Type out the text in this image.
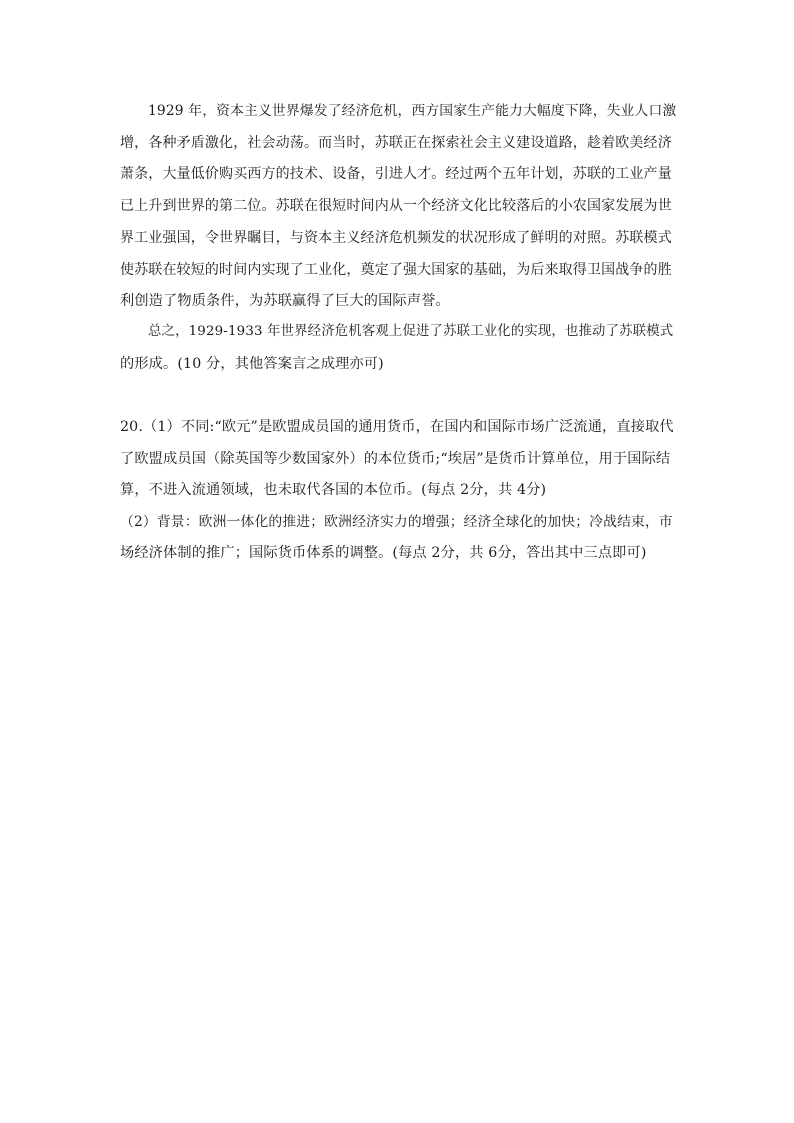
1929 年，资本主义世界爆发了经济危机，西方国家生产能力大幅度下降，失业人口激
增，各种矛盾激化，社会动荡。而当时，苏联正在探索社会主义建设道路，趁着欧美经济
萧条，大量低价购买西方的技术、设备，引进人才。经过两个五年计划，苏联的工业产量
已上升到世界的第二位。苏联在很短时间内从一个经济文化比较落后的小农国家发展为世
界工业强国，令世界瞩目，与资本主义经济危机频发的状况形成了鲜明的对照。苏联模式
使苏联在较短的时间内实现了工业化，奠定了强大国家的基础，为后来取得卫国战争的胜
利创造了物质条件，为苏联赢得了巨大的国际声誉。
总之，1929-1933 年世界经济危机客观上促进了苏联工业化的实现，也推动了苏联模式
的形成。(10 分，其他答案言之成理亦可)
20.（1）不同:“欧元”是欧盟成员国的通用货币，在国内和国际市场广泛流通，直接取代
了欧盟成员国（除英国等少数国家外）的本位货币;“埃居”是货币计算单位，用于国际结
算，不进入流通领域，也未取代各国的本位币。(每点 2分，共 4分)
（2）背景：欧洲一体化的推进；欧洲经济实力的增强；经济全球化的加快；冷战结束，市
场经济体制的推广；国际货币体系的调整。(每点 2分，共 6分，答出其中三点即可)
